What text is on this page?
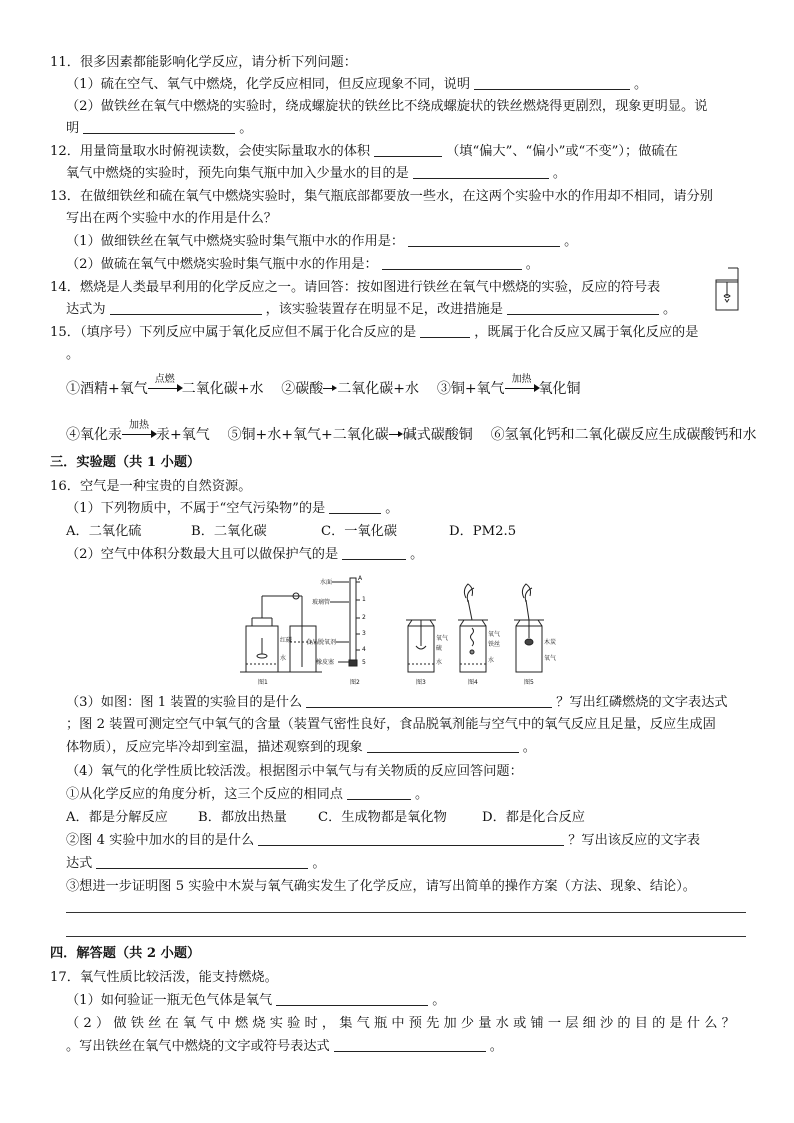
11．很多因素都能影响化学反应，请分析下列问题：
（1）硫在空气、氧气中燃烧，化学反应相同，但反应现象不同，说明	。
（2）做铁丝在氧气中燃烧的实验时，绕成螺旋状的铁丝比不绕成螺旋状的铁丝燃烧得更剧烈，现象更明显。说
明	。
12．用量筒量取水时俯视读数，会使实际量取水的体积	（填“偏大”、“偏小”或“不变”）；做硫在
氧气中燃烧的实验时，预先向集气瓶中加入少量水的目的是	。
13．在做细铁丝和硫在氧气中燃烧实验时，集气瓶底部都要放一些水，在这两个实验中水的作用却不相同，请分别
写出在两个实验中水的作用是什么？
（1）做细铁丝在氧气中燃烧实验时集气瓶中水的作用是：	。
（2）做硫在氧气中燃烧实验时集气瓶中水的作用是：	。
14．燃烧是人类最早利用的化学反应之一。请回答：按如图进行铁丝在氧气中燃烧的实验，反应的符号表
达式为	，该实验装置存在明显不足，改进措施是	。
15．（填序号）下列反应中属于氧化反应但不属于化合反应的是	，既属于化合反应又属于氧化反应的是
。
①酒精+氧气
点燃
二氧化碳+水 ②碳酸 二氧化碳+水 ③铜+氧气
加热
氧化铜
④氧化汞
加热
汞+氧气 ⑤铜+水+氧气+二氧化碳 碱式碳酸铜 ⑥氢氧化钙和二氧化碳反应生成碳酸钙和水
三．实验题（共 1 小题）
16．空气是一种宝贵的自然资源。
（1）下列物质中，不属于“空气污染物”的是	。
A．二氧化硫	B．二氧化碳	C．一氧化碳	D．PM2.5
（2）空气中体积分数最大且可以做保护气的是	。
红磷
水
图1
水面
A
1
2
3
4
5
玻璃管
食品脱氧剂
橡皮塞
图2
氧气
硫
水
图3
氧气
铁丝
水
图4
木炭
氧气
图5
（3）如图：图 1 装置的实验目的是什么	？写出红磷燃烧的文字表达式
；图 2 装置可测定空气中氧气的含量（装置气密性良好，食品脱氧剂能与空气中的氧气反应且足量，反应生成固
体物质），反应完毕冷却到室温，描述观察到的现象	。
（4）氧气的化学性质比较活泼。根据图示中氧气与有关物质的反应回答问题：
①从化学反应的角度分析，这三个反应的相同点	。
A．都是分解反应 B．都放出热量 C．生成物都是氧化物	D．都是化合反应
②图 4 实验中加水的目的是什么	？写出该反应的文字表
达式	。
③想进一步证明图 5 实验中木炭与氧气确实发生了化学反应，请写出简单的操作方案（方法、现象、结论）。
四．解答题（共 2 小题）
17．氧气性质比较活泼，能支持燃烧。
（1）如何验证一瓶无色气体是氧气	。
（ 2 ） 做 铁 丝 在 氧 气 中 燃 烧 实 验 时 ， 集 气 瓶 中 预 先 加 少 量 水 或 铺 一 层 细 沙 的 目 的 是 什 么 ？
。写出铁丝在氧气中燃烧的文字或符号表达式	。
